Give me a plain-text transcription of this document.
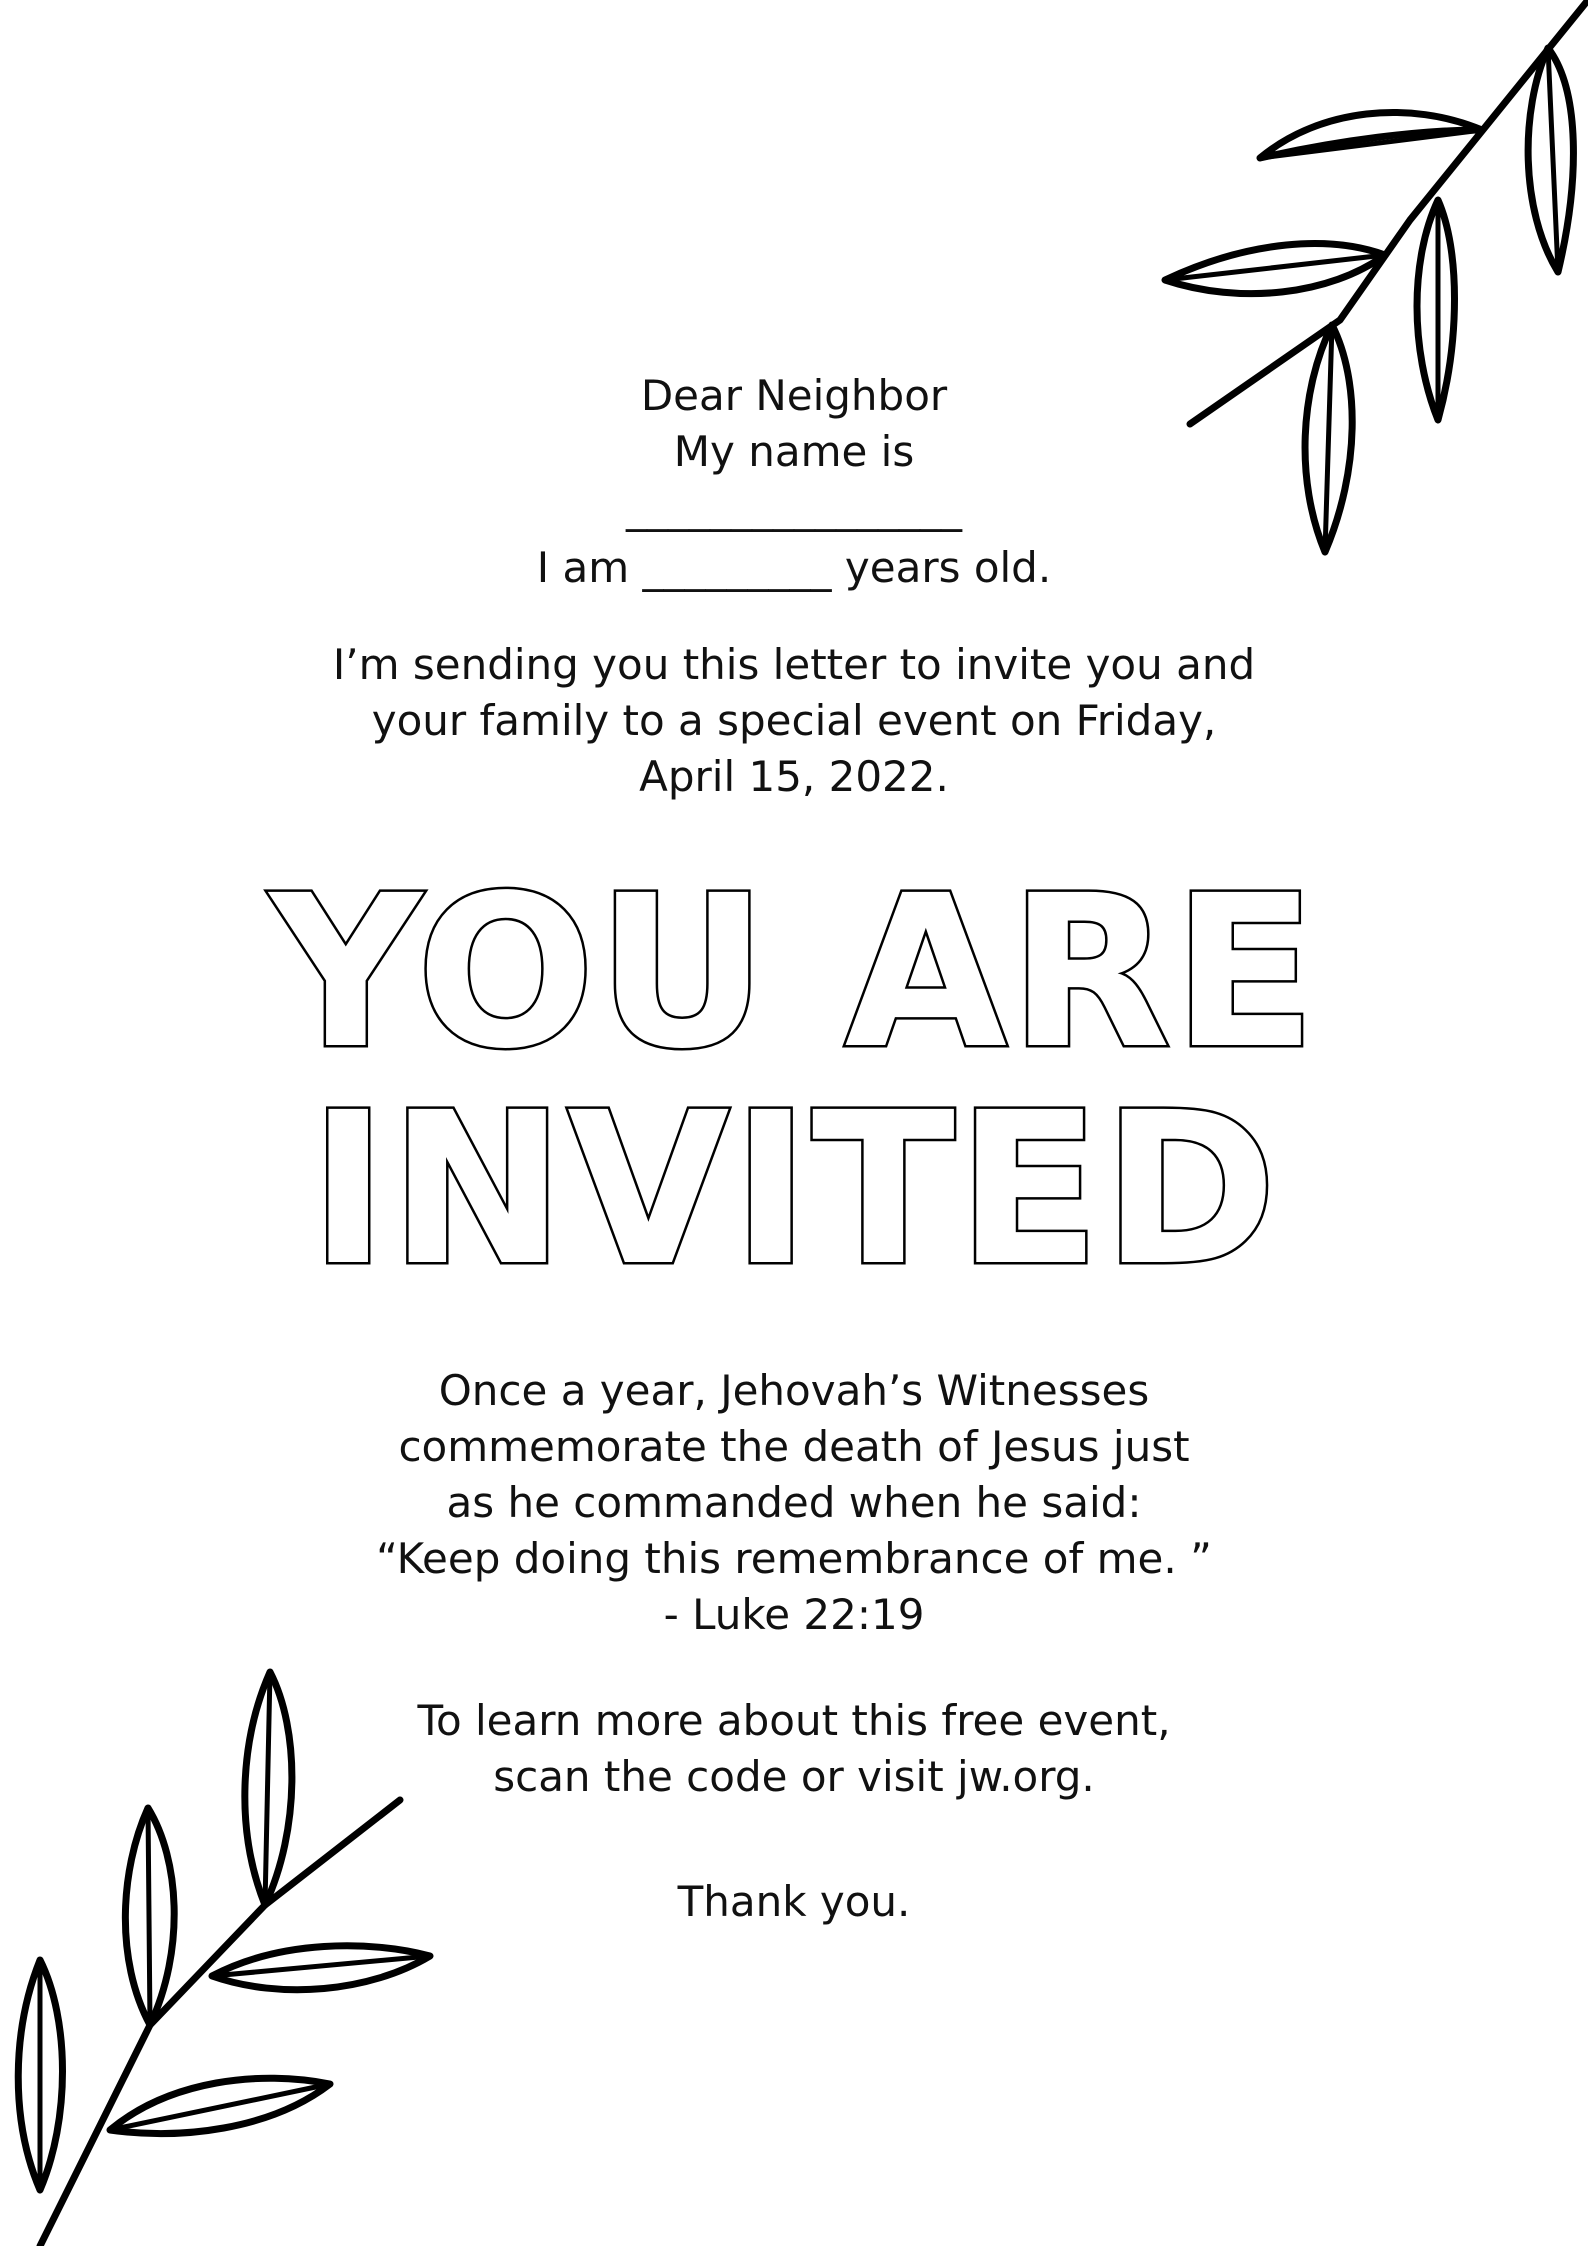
Dear Neighbor
My name is
________________
I am _________ years old.
I’m sending you this letter to invite you and
your family to a special event on Friday,
April 15, 2022.
YOU ARE
INVITED
Once a year, Jehovah’s Witnesses
commemorate the death of Jesus just
as he commanded when he said:
“Keep doing this remembrance of me. ”
- Luke 22:19
To learn more about this free event,
scan the code or visit jw.org.
Thank you.
